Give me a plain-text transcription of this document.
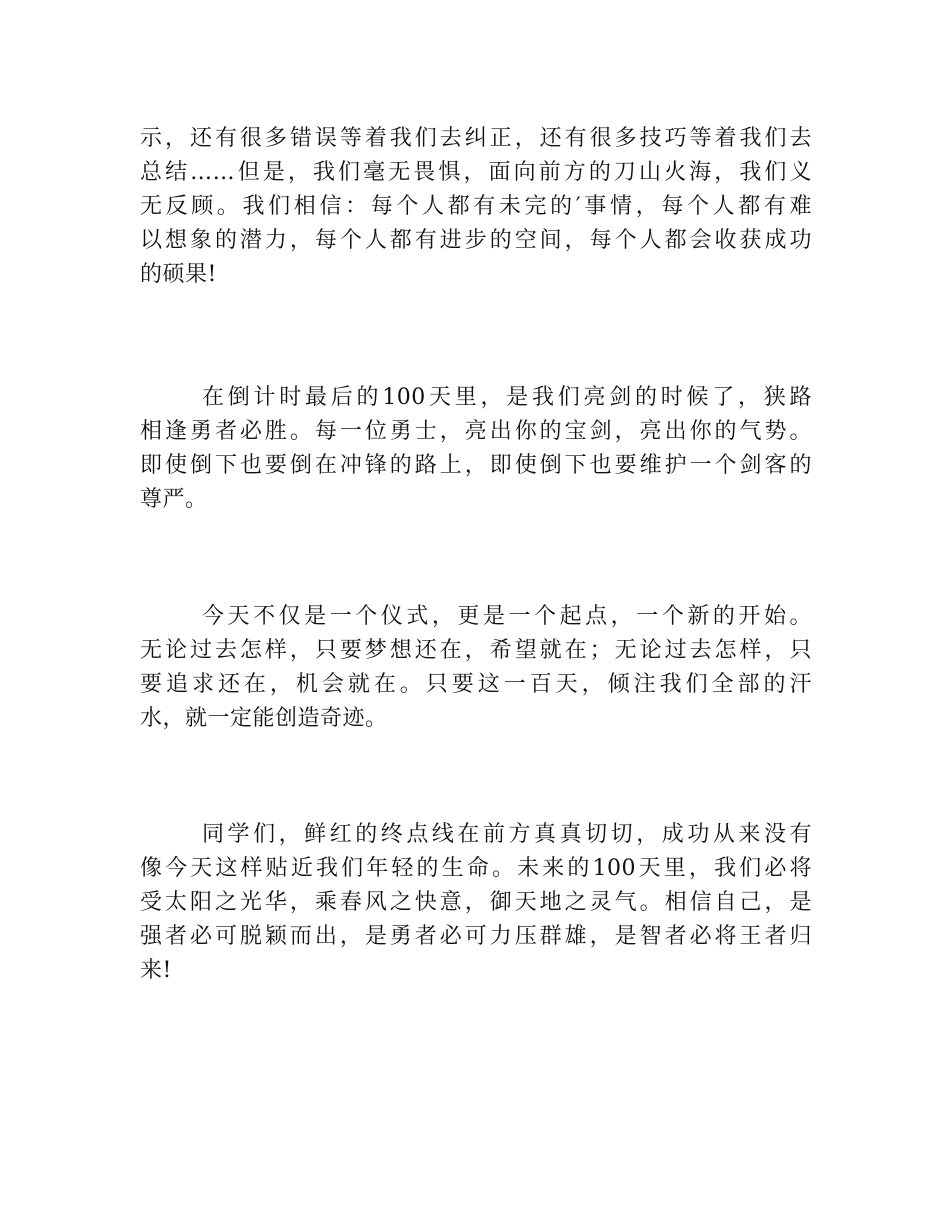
示，还有很多错误等着我们去纠正，还有很多技巧等着我们去
总结……但是，我们毫无畏惧，面向前方的刀山火海，我们义
无反顾。我们相信：每个人都有未完的′事情，每个人都有难
以想象的潜力，每个人都有进步的空间，每个人都会收获成功
的硕果!
在倒计时最后的100天里，是我们亮剑的时候了，狭路
相逢勇者必胜。每一位勇士，亮出你的宝剑，亮出你的气势。
即使倒下也要倒在冲锋的路上，即使倒下也要维护一个剑客的
尊严。
今天不仅是一个仪式，更是一个起点，一个新的开始。
无论过去怎样，只要梦想还在，希望就在；无论过去怎样，只
要追求还在，机会就在。只要这一百天，倾注我们全部的汗
水，就一定能创造奇迹。
同学们，鲜红的终点线在前方真真切切，成功从来没有
像今天这样贴近我们年轻的生命。未来的100天里，我们必将
受太阳之光华，乘春风之快意，御天地之灵气。相信自己，是
强者必可脱颖而出，是勇者必可力压群雄，是智者必将王者归
来!
